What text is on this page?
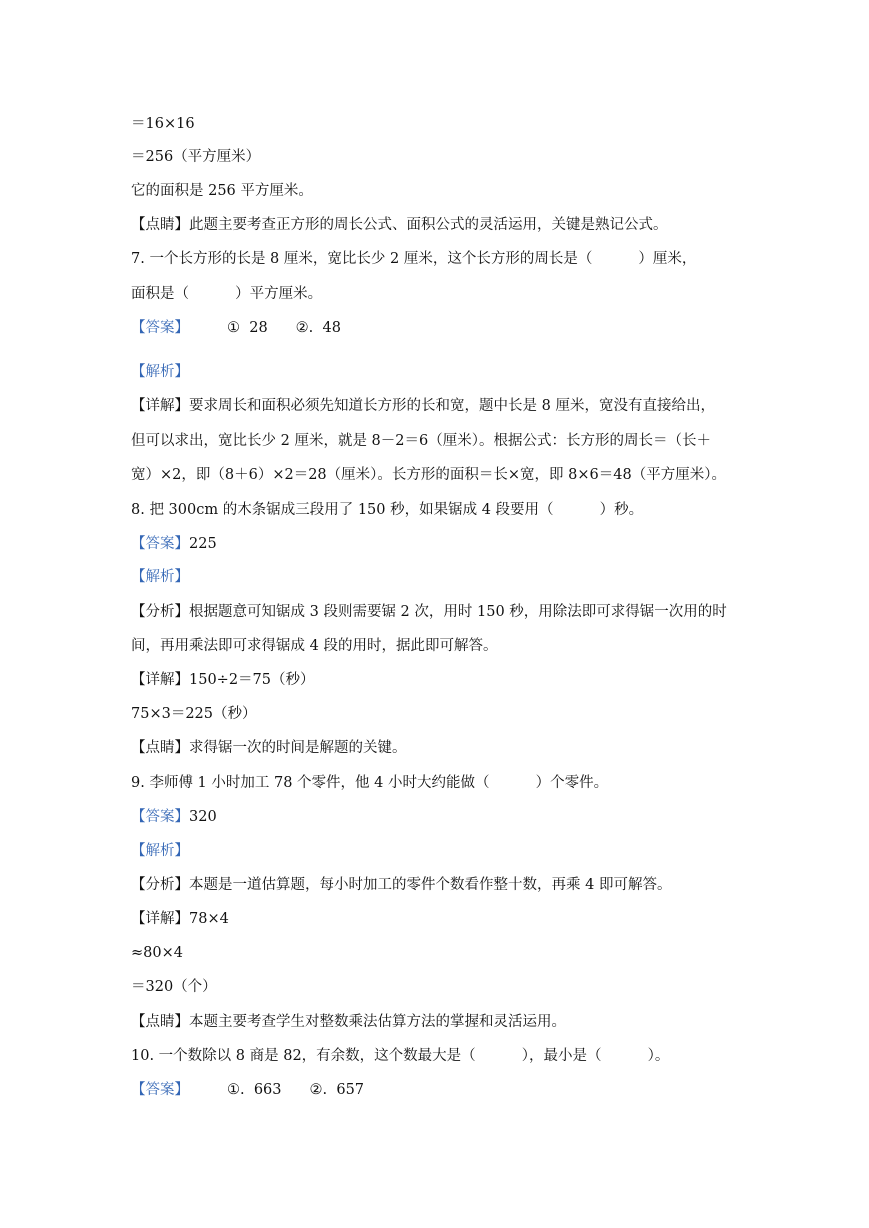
＝16×16
＝256（平方厘米）
它的面积是 256 平方厘米。
【点睛】此题主要考查正方形的周长公式、面积公式的灵活运用，关键是熟记公式。
7. 一个长方形的长是 8 厘米，宽比长少 2 厘米，这个长方形的周长是（          ）厘米，
面积是（          ）平方厘米。
【答案】	①  28 ②.  48
【解析】
【详解】要求周长和面积必须先知道长方形的长和宽，题中长是 8 厘米，宽没有直接给出，
但可以求出，宽比长少 2 厘米，就是 8－2＝6（厘米）。根据公式：长方形的周长＝（长＋
宽）×2，即（8＋6）×2＝28（厘米）。长方形的面积＝长×宽，即 8×6＝48（平方厘米）。
8. 把 300cm 的木条锯成三段用了 150 秒，如果锯成 4 段要用（          ）秒。
【答案】225
【解析】
【分析】根据题意可知锯成 3 段则需要锯 2 次，用时 150 秒，用除法即可求得锯一次用的时
间，再用乘法即可求得锯成 4 段的用时，据此即可解答。
【详解】150÷2＝75（秒）
75×3＝225（秒）
【点睛】求得锯一次的时间是解题的关键。
9. 李师傅 1 小时加工 78 个零件，他 4 小时大约能做（          ）个零件。
【答案】320
【解析】
【分析】本题是一道估算题，每小时加工的零件个数看作整十数，再乘 4 即可解答。
【详解】78×4
≈80×4
＝320（个）
【点睛】本题主要考查学生对整数乘法估算方法的掌握和灵活运用。
10. 一个数除以 8 商是 82，有余数，这个数最大是（          ），最小是（          ）。
【答案】	①.  663 ②.  657
